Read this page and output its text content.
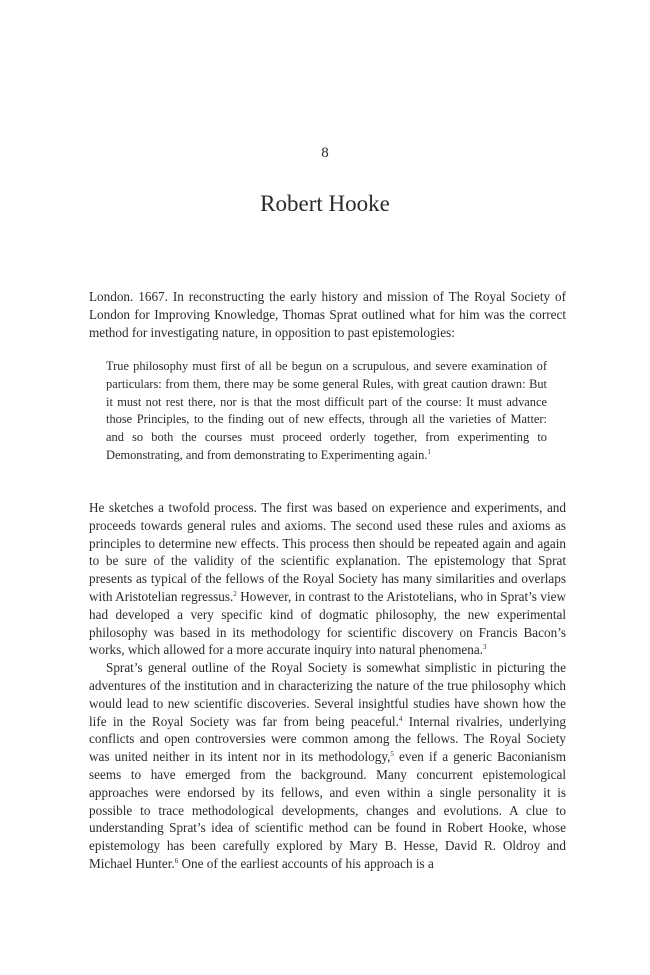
8
Robert Hooke
London. 1667. In reconstructing the early history and mission of The Royal Society of London for Improving Knowledge, Thomas Sprat outlined what for him was the correct method for investigating nature, in opposition to past epistemologies:
True philosophy must first of all be begun on a scrupulous, and severe examination of particulars: from them, there may be some general Rules, with great caution drawn: But it must not rest there, nor is that the most difficult part of the course: It must advance those Principles, to the finding out of new effects, through all the varieties of Matter: and so both the courses must proceed orderly together, from experimenting to Demonstrating, and from demonstrating to Experimenting again.$^1$

He sketches a twofold process. The first was based on experience and experiments, and proceeds towards general rules and axioms. The second used these rules and axioms as principles to determine new effects. This process then should be repeated again and again to be sure of the validity of the scientific explanation. The epistemology that Sprat presents as typical of the fellows of the Royal Society has many similarities and overlaps with Aristotelian regressus.$^2$ However, in contrast to the Aristotelians, who in Sprat’s view had developed a very specific kind of dogmatic philosophy, the new experimental philosophy was based in its methodology for scientific discovery on Francis Bacon’s works, which allowed for a more accurate inquiry into natural phenomena.$^3$

Sprat’s general outline of the Royal Society is somewhat simplistic in picturing the adventures of the institution and in characterizing the nature of the true philosophy which would lead to new scientific discoveries. Several insightful studies have shown how the life in the Royal Society was far from being peaceful.$^4$ Internal rivalries, underlying conflicts and open controversies were common among the fellows. The Royal Society was united neither in its intent nor in its methodology,$^5$ even if a generic Baconianism seems to have emerged from the background. Many concurrent epistemological approaches were endorsed by its fellows, and even within a single personality it is possible to trace methodological developments, changes and evolutions. A clue to understanding Sprat’s idea of scientific method can be found in Robert Hooke, whose epistemology has been carefully explored by Mary B. Hesse, David R. Oldroy and Michael Hunter.$^6$ One of the earliest accounts of his approach is a
